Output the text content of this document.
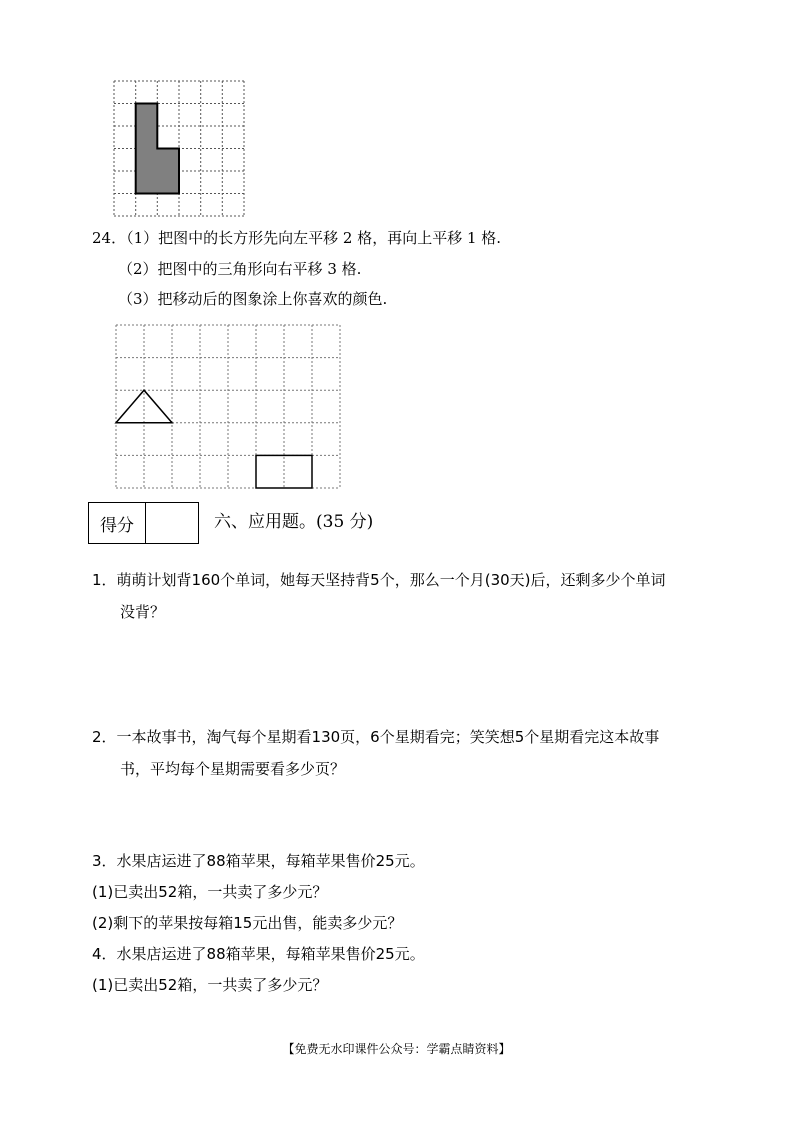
24．（1）把图中的长方形先向左平移 2 格，再向上平移 1 格.
（2）把图中的三角形向右平移 3 格.
（3）把移动后的图象涂上你喜欢的颜色.
得分	六、应用题。(35 分)
1．萌萌计划背160个单词，她每天坚持背5个，那么一个月(30天)后，还剩多少个单词
没背？
2．一本故事书，淘气每个星期看130页，6个星期看完；笑笑想5个星期看完这本故事
书，平均每个星期需要看多少页？
3．水果店运进了88箱苹果，每箱苹果售价25元。
(1)已卖出52箱，一共卖了多少元？
(2)剩下的苹果按每箱15元出售，能卖多少元？
4．水果店运进了88箱苹果，每箱苹果售价25元。
(1)已卖出52箱，一共卖了多少元？
【免费无水印课件公众号：学霸点睛资料】
